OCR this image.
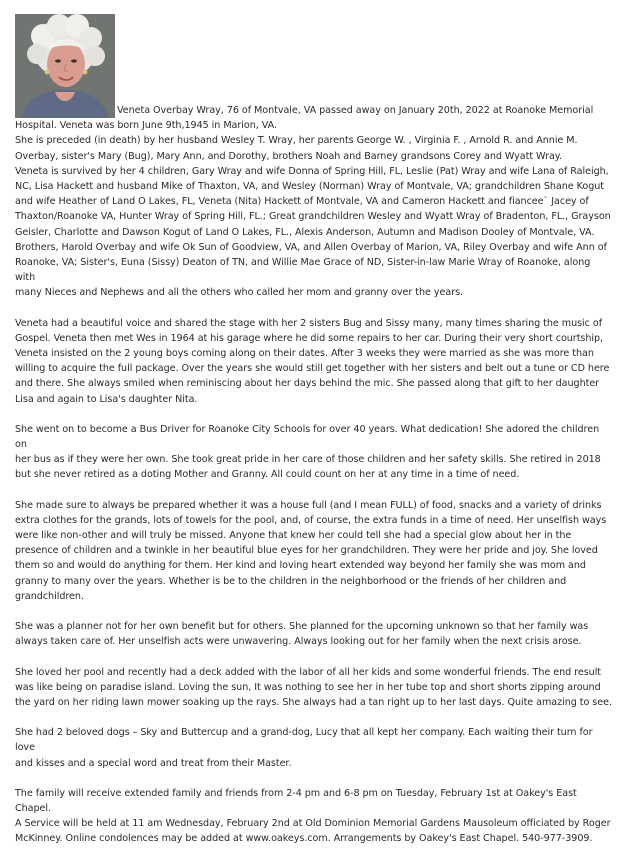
Veneta Overbay Wray, 76 of Montvale, VA passed away on January 20th, 2022 at Roanoke Memorial

Hospital. Veneta was born June 9th,1945 in Marion, VA.
She is preceded (in death) by her husband Wesley T. Wray, her parents George W. , Virginia F. , Arnold R. and Annie M.
Overbay, sister's Mary (Bug), Mary Ann, and Dorothy, brothers Noah and Barney grandsons Corey and Wyatt Wray.
Veneta is survived by her 4 children, Gary Wray and wife Donna of Spring Hill, FL, Leslie (Pat) Wray and wife Lana of Raleigh,
NC, Lisa Hackett and husband Mike of Thaxton, VA, and Wesley (Norman) Wray of Montvale, VA; grandchildren Shane Kogut
and wife Heather of Land O Lakes, FL, Veneta (Nita) Hackett of Montvale, VA and Cameron Hackett and fiancee` Jacey of
Thaxton/Roanoke VA, Hunter Wray of Spring Hill, FL.; Great grandchildren Wesley and Wyatt Wray of Bradenton, FL., Grayson
Geisler, Charlotte and Dawson Kogut of Land O Lakes, FL., Alexis Anderson, Autumn and Madison Dooley of Montvale, VA.
Brothers, Harold Overbay and wife Ok Sun of Goodview, VA, and Allen Overbay of Marion, VA, Riley Overbay and wife Ann of
Roanoke, VA; Sister's, Euna (Sissy) Deaton of TN, and Willie Mae Grace of ND, Sister-in-law Marie Wray of Roanoke, along with
many Nieces and Nephews and all the others who called her mom and granny over the years.

Veneta had a beautiful voice and shared the stage with her 2 sisters Bug and Sissy many, many times sharing the music of
Gospel. Veneta then met Wes in 1964 at his garage where he did some repairs to her car. During their very short courtship,
Veneta insisted on the 2 young boys coming along on their dates. After 3 weeks they were married as she was more than
willing to acquire the full package. Over the years she would still get together with her sisters and belt out a tune or CD here
and there. She always smiled when reminiscing about her days behind the mic. She passed along that gift to her daughter
Lisa and again to Lisa's daughter Nita.

She went on to become a Bus Driver for Roanoke City Schools for over 40 years. What dedication! She adored the children on
her bus as if they were her own. She took great pride in her care of those children and her safety skills. She retired in 2018
but she never retired as a doting Mother and Granny. All could count on her at any time in a time of need.

She made sure to always be prepared whether it was a house full (and I mean FULL) of food, snacks and a variety of drinks
extra clothes for the grands, lots of towels for the pool, and, of course, the extra funds in a time of need. Her unselfish ways
were like non-other and will truly be missed. Anyone that knew her could tell she had a special glow about her in the
presence of children and a twinkle in her beautiful blue eyes for her grandchildren. They were her pride and joy. She loved
them so and would do anything for them. Her kind and loving heart extended way beyond her family she was mom and
granny to many over the years. Whether is be to the children in the neighborhood or the friends of her children and
grandchildren.

She was a planner not for her own benefit but for others. She planned for the upcoming unknown so that her family was
always taken care of. Her unselfish acts were unwavering. Always looking out for her family when the next crisis arose.

She loved her pool and recently had a deck added with the labor of all her kids and some wonderful friends. The end result
was like being on paradise island. Loving the sun, It was nothing to see her in her tube top and short shorts zipping around
the yard on her riding lawn mower soaking up the rays. She always had a tan right up to her last days. Quite amazing to see.

She had 2 beloved dogs – Sky and Buttercup and a grand-dog, Lucy that all kept her company. Each waiting their turn for love
and kisses and a special word and treat from their Master.

The family will receive extended family and friends from 2-4 pm and 6-8 pm on Tuesday, February 1st at Oakey's East Chapel.
A Service will be held at 11 am Wednesday, February 2nd at Old Dominion Memorial Gardens Mausoleum officiated by Roger
McKinney. Online condolences may be added at www.oakeys.com. Arrangements by Oakey's East Chapel. 540-977-3909.
